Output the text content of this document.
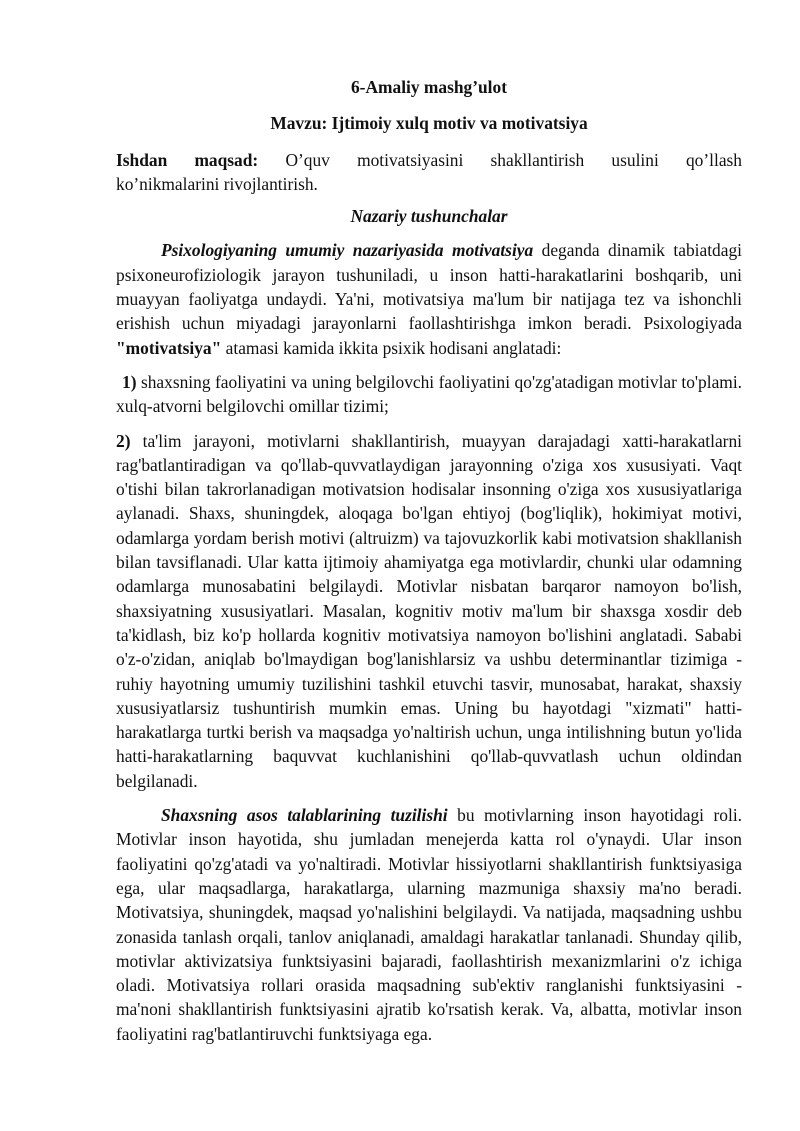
6-Amaliy mashg’ulot

Mavzu: Ijtimoiy xulq motiv va motivatsiya

Ishdan maqsad: O’quv motivatsiyasini shakllantirish usulini qo’llash
ko’nikmalarini rivojlantirish.

Nazariy tushunchalar

Psixologiyaning umumiy nazariyasida motivatsiya deganda dinamik tabiatdagi psixoneurofiziologik jarayon tushuniladi, u inson hatti-harakatlarini boshqarib, uni muayyan faoliyatga undaydi. Ya'ni, motivatsiya ma'lum bir natijaga tez va ishonchli erishish uchun miyadagi jarayonlarni faollashtirishga imkon beradi. Psixologiyada "motivatsiya" atamasi kamida ikkita psixik hodisani anglatadi:

1) shaxsning faoliyatini va uning belgilovchi faoliyatini qo'zg'atadigan motivlar to'plami. xulq-atvorni belgilovchi omillar tizimi;

2) ta'lim jarayoni, motivlarni shakllantirish, muayyan darajadagi xatti-harakatlarni rag'batlantiradigan va qo'llab-quvvatlaydigan jarayonning o'ziga xos xususiyati. Vaqt o'tishi bilan takrorlanadigan motivatsion hodisalar insonning o'ziga xos xususiyatlariga aylanadi. Shaxs, shuningdek, aloqaga bo'lgan ehtiyoj (bog'liqlik), hokimiyat motivi, odamlarga yordam berish motivi (altruizm) va tajovuzkorlik kabi motivatsion shakllanish bilan tavsiflanadi. Ular katta ijtimoiy ahamiyatga ega motivlardir, chunki ular odamning odamlarga munosabatini belgilaydi. Motivlar nisbatan barqaror namoyon bo'lish, shaxsiyatning xususiyatlari. Masalan, kognitiv motiv ma'lum bir shaxsga xosdir deb ta'kidlash, biz ko'p hollarda kognitiv motivatsiya namoyon bo'lishini anglatadi. Sababi o'z-o'zidan, aniqlab bo'lmaydigan bog'lanishlarsiz va ushbu determinantlar tizimiga - ruhiy hayotning umumiy tuzilishini tashkil etuvchi tasvir, munosabat, harakat, shaxsiy xususiyatlarsiz tushuntirish mumkin emas. Uning bu hayotdagi "xizmati" hatti-harakatlarga turtki berish va maqsadga yo'naltirish uchun, unga intilishning butun yo'lida hatti-harakatlarning baquvvat kuchlanishini qo'llab-quvvatlash uchun oldindan belgilanadi.

Shaxsning asos talablarining tuzilishi bu motivlarning inson hayotidagi roli. Motivlar inson hayotida, shu jumladan menejerda katta rol o'ynaydi. Ular inson faoliyatini qo'zg'atadi va yo'naltiradi. Motivlar hissiyotlarni shakllantirish funktsiyasiga ega, ular maqsadlarga, harakatlarga, ularning mazmuniga shaxsiy ma'no beradi. Motivatsiya, shuningdek, maqsad yo'nalishini belgilaydi. Va natijada, maqsadning ushbu zonasida tanlash orqali, tanlov aniqlanadi, amaldagi harakatlar tanlanadi. Shunday qilib, motivlar aktivizatsiya funktsiyasini bajaradi, faollashtirish mexanizmlarini o'z ichiga oladi. Motivatsiya rollari orasida maqsadning sub'ektiv ranglanishi funktsiyasini - ma'noni shakllantirish funktsiyasini ajratib ko'rsatish kerak. Va, albatta, motivlar inson faoliyatini rag'batlantiruvchi funktsiyaga ega.
